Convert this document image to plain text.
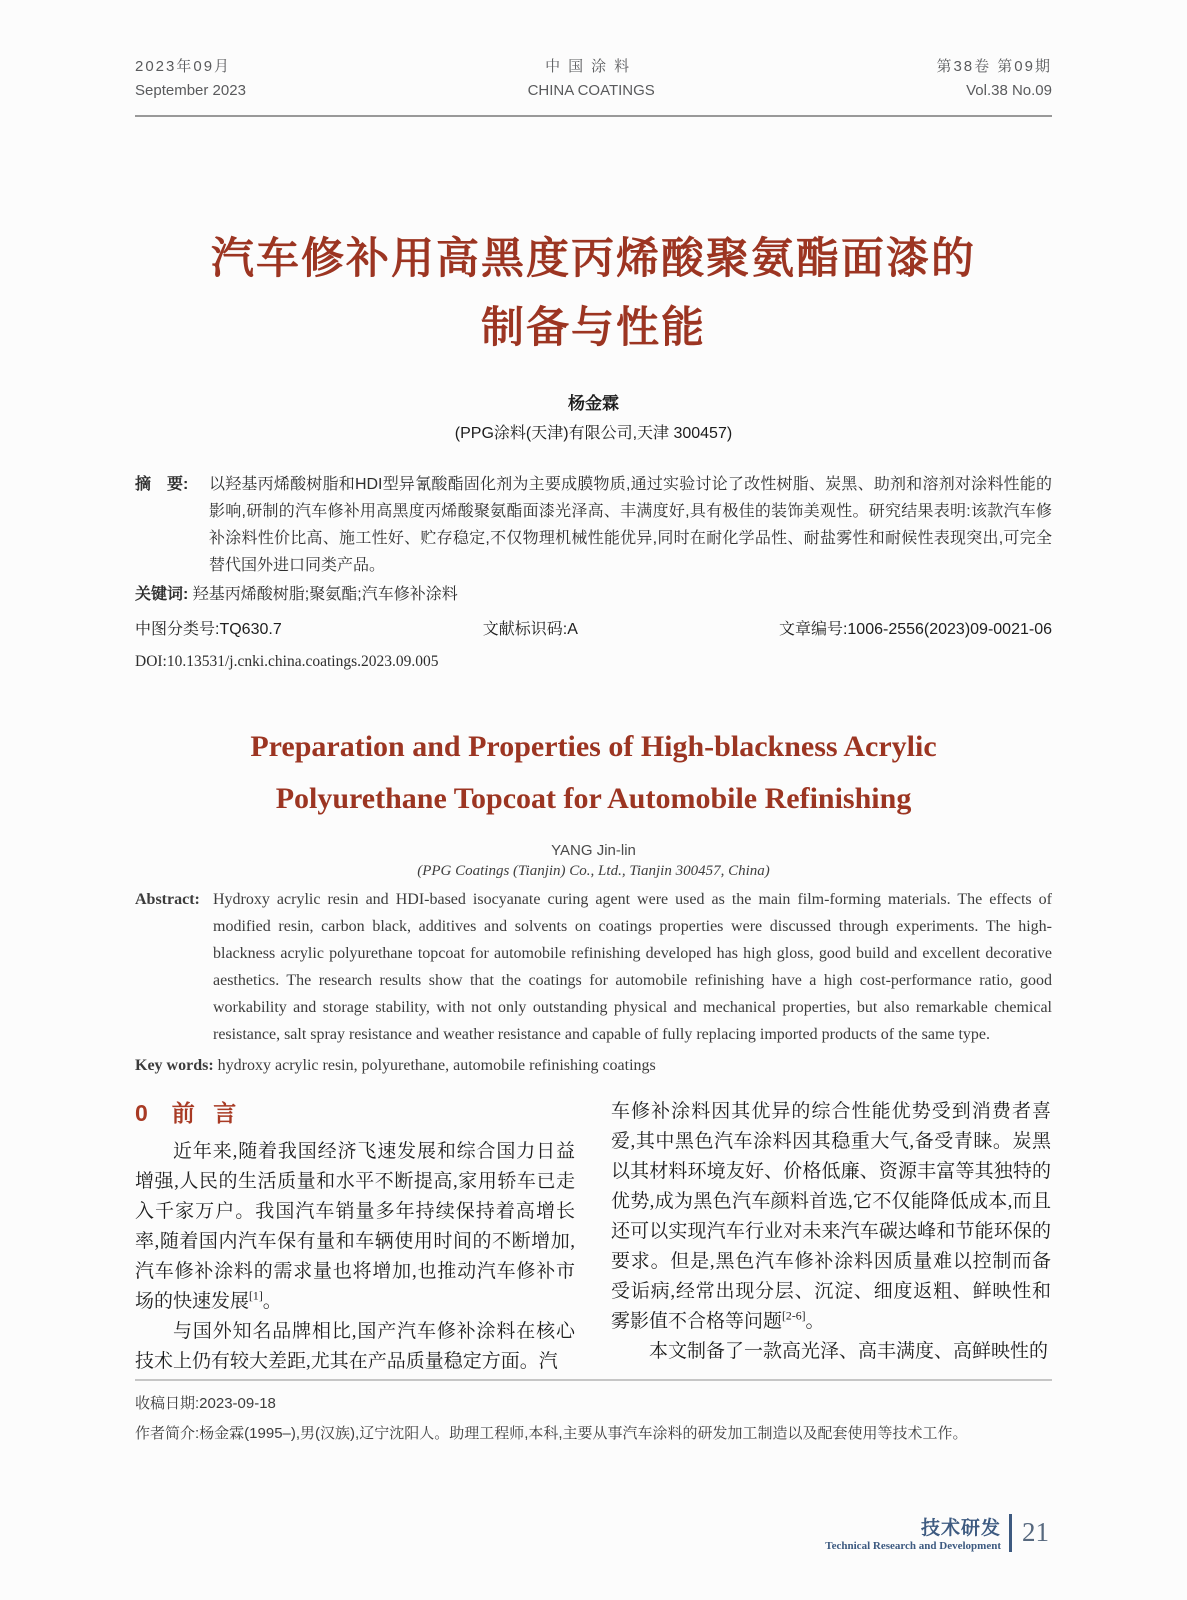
2023年09月
September 2023
中国涂料
CHINA COATINGS
第38卷 第09期
Vol.38 No.09
汽车修补用高黑度丙烯酸聚氨酯面漆的
制备与性能
杨金霖
(PPG涂料(天津)有限公司,天津 300457)
摘　要: 以羟基丙烯酸树脂和HDI型异氰酸酯固化剂为主要成膜物质,通过实验讨论了改性树脂、炭黑、助剂和溶剂对涂料性能的影响,研制的汽车修补用高黑度丙烯酸聚氨酯面漆光泽高、丰满度好,具有极佳的装饰美观性。研究结果表明:该款汽车修补涂料性价比高、施工性好、贮存稳定,不仅物理机械性能优异,同时在耐化学品性、耐盐雾性和耐候性表现突出,可完全替代国外进口同类产品。
关键词: 羟基丙烯酸树脂;聚氨酯;汽车修补涂料
中图分类号:TQ630.7	文献标识码:A	文章编号:1006-2556(2023)09-0021-06
DOI:10.13531/j.cnki.china.coatings.2023.09.005
Preparation and Properties of High-blackness Acrylic
Polyurethane Topcoat for Automobile Refinishing
YANG Jin-lin
(PPG Coatings (Tianjin) Co., Ltd., Tianjin 300457, China)
Abstract: Hydroxy acrylic resin and HDI-based isocyanate curing agent were used as the main film-forming materials. The effects of modified resin, carbon black, additives and solvents on coatings properties were discussed through experiments. The high-blackness acrylic polyurethane topcoat for automobile refinishing developed has high gloss, good build and excellent decorative aesthetics. The research results show that the coatings for automobile refinishing have a high cost-performance ratio, good workability and storage stability, with not only outstanding physical and mechanical properties, but also remarkable chemical resistance, salt spray resistance and weather resistance and capable of fully replacing imported products of the same type.
Key words: hydroxy acrylic resin, polyurethane, automobile refinishing coatings
0 前言

近年来,随着我国经济飞速发展和综合国力日益增强,人民的生活质量和水平不断提高,家用轿车已走入千家万户。我国汽车销量多年持续保持着高增长率,随着国内汽车保有量和车辆使用时间的不断增加,汽车修补涂料的需求量也将增加,也推动汽车修补市场的快速发展[1]。

与国外知名品牌相比,国产汽车修补涂料在核心技术上仍有较大差距,尤其在产品质量稳定方面。汽

车修补涂料因其优异的综合性能优势受到消费者喜爱,其中黑色汽车涂料因其稳重大气,备受青睐。炭黑以其材料环境友好、价格低廉、资源丰富等其独特的优势,成为黑色汽车颜料首选,它不仅能降低成本,而且还可以实现汽车行业对未来汽车碳达峰和节能环保的要求。但是,黑色汽车修补涂料因质量难以控制而备受诟病,经常出现分层、沉淀、细度返粗、鲜映性和雾影值不合格等问题[2-6]。

本文制备了一款高光泽、高丰满度、高鲜映性的

收稿日期:2023-09-18
作者简介:杨金霖(1995–),男(汉族),辽宁沈阳人。助理工程师,本科,主要从事汽车涂料的研发加工制造以及配套使用等技术工作。
技术研发
Technical Research and Development 21
